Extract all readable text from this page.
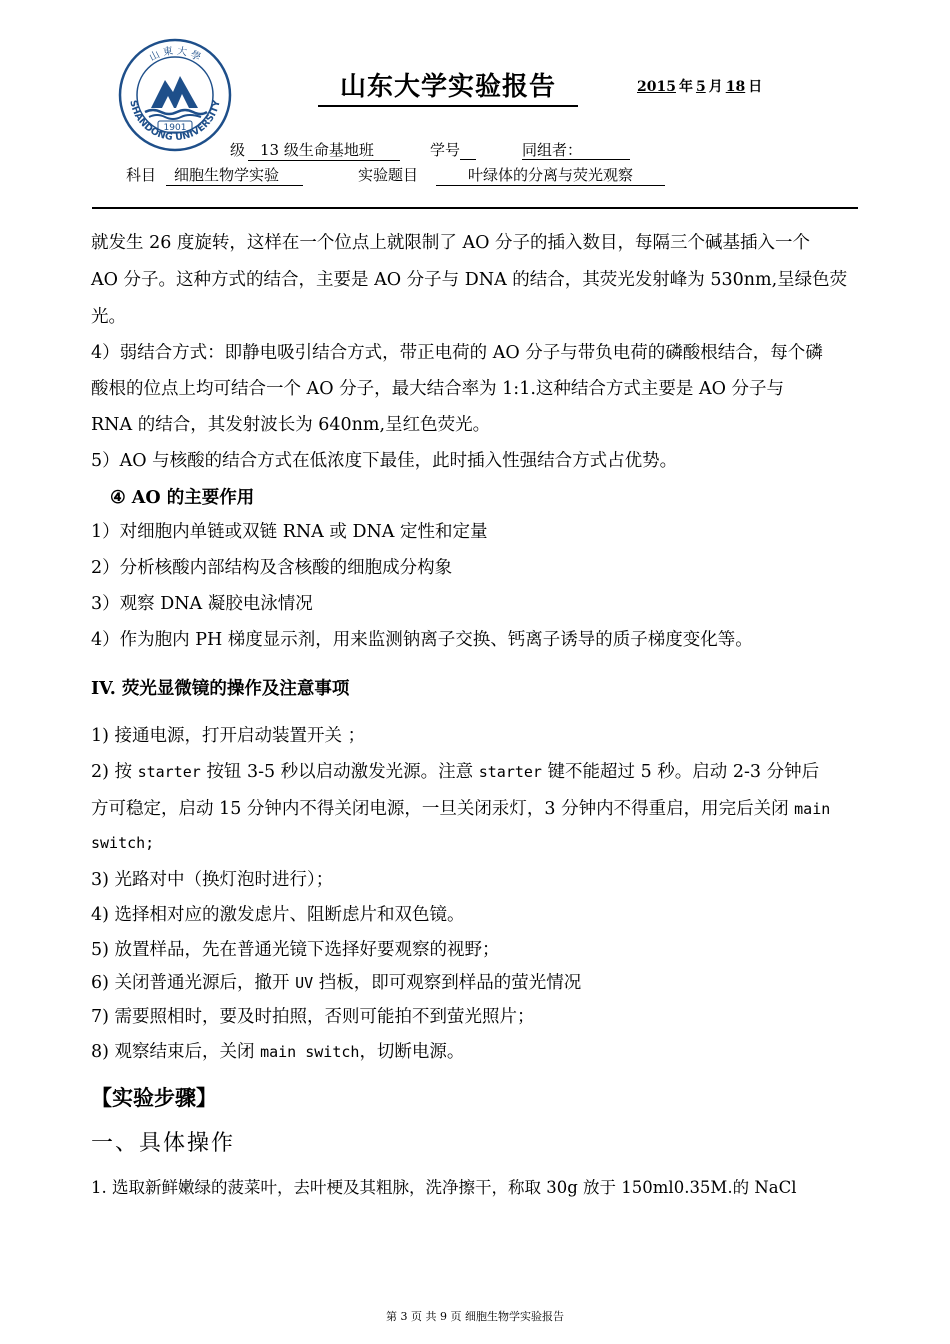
山 東 大 學
SHANDONG UNIVERSITY
1901
山东大学实验报告	2015 年 5 月 18 日
级 13 级生命基地班	学号	同组者：
科目	细胞生物学实验	实验题目	叶绿体的分离与荧光观察
就发生 26 度旋转，这样在一个位点上就限制了 AO 分子的插入数目，每隔三个碱基插入一个
AO 分子。这种方式的结合，主要是 AO 分子与 DNA 的结合，其荧光发射峰为 530nm,呈绿色荧
光。
4）弱结合方式：即静电吸引结合方式，带正电荷的 AO 分子与带负电荷的磷酸根结合，每个磷
酸根的位点上均可结合一个 AO 分子，最大结合率为 1:1.这种结合方式主要是 AO 分子与
RNA 的结合，其发射波长为 640nm,呈红色荧光。
5）AO 与核酸的结合方式在低浓度下最佳，此时插入性强结合方式占优势。
④ AO 的主要作用
1）对细胞内单链或双链 RNA 或 DNA 定性和定量
2）分析核酸内部结构及含核酸的细胞成分构象
3）观察 DNA 凝胶电泳情况
4）作为胞内 PH 梯度显示剂，用来监测钠离子交换、钙离子诱导的质子梯度变化等。
IV. 荧光显微镜的操作及注意事项
1) 接通电源，打开启动装置开关 ；
2) 按 starter 按钮 3-5 秒以启动激发光源。注意 starter 键不能超过 5 秒。启动 2-3 分钟后
方可稳定，启动 15 分钟内不得关闭电源，一旦关闭汞灯，3 分钟内不得重启，用完后关闭 main
switch;
3) 光路对中（换灯泡时进行）；
4) 选择相对应的激发虑片、阻断虑片和双色镜。
5) 放置样品，先在普通光镜下选择好要观察的视野；
6) 关闭普通光源后，撤开 UV 挡板，即可观察到样品的萤光情况
7) 需要照相时，要及时拍照，否则可能拍不到萤光照片；
8) 观察结束后，关闭 main switch，切断电源。
【实验步骤】
一、具体操作
1. 选取新鲜嫩绿的菠菜叶，去叶梗及其粗脉，洗净擦干，称取 30g 放于 150ml0.35M.的 NaCl
第 3 页 共 9 页 细胞生物学实验报告
